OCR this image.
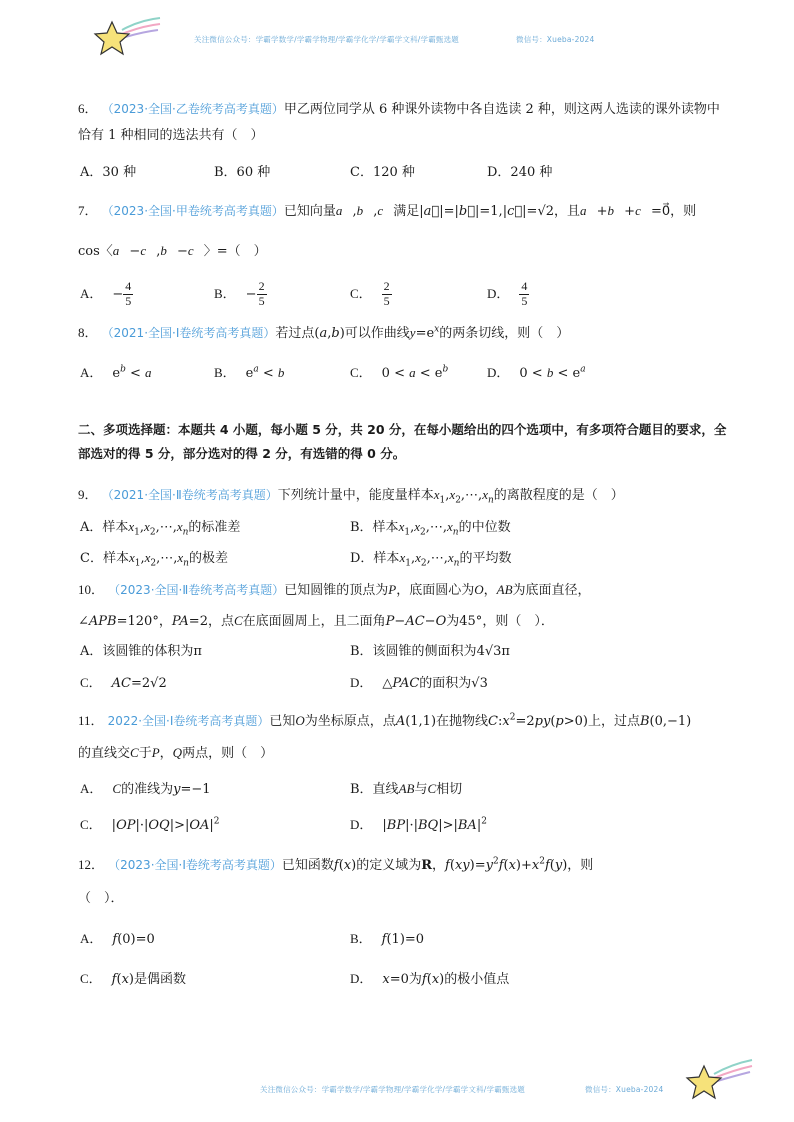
关注微信公众号：学霸学数学/学霸学物理/学霸学化学/学霸学文科/学霸甄选题	微信号：Xueba-2024
6． （2023·全国·乙卷统考高考真题）甲乙两位同学从 6 种课外读物中各自选读 2 种，则这两人选读的课外读物中恰有 1 种相同的选法共有（　）
A．30 种	B．60 种	C．120 种	D．240 种
7． （2023·全国·甲卷统考高考真题）已知向量a⃗,b⃗,c⃗满足|a⃗|=|b⃗|=1,|c⃗|=√2，且a⃗+b⃗+c⃗=0⃗，则
cos〈a⃗−c⃗,b⃗−c⃗〉=（　）
A． − $\frac{4}{5}$	B． − $\frac{2}{5}$	C． $\frac{2}{5}$	D． $\frac{4}{5}$
8． （2021·全国·Ⅰ卷统考高考真题）若过点(a,b)可以作曲线$y=e^x$的两条切线，则（　）
A． $e^b < a$	B． $e^a < b$	C． $0 < a < e^b$	D． $0 < b < e^a$
二、多项选择题：本题共 4 小题，每小题 5 分，共 20 分，在每小题给出的四个选项中，有多项符合题目的要求，全部选对的得 5 分，部分选对的得 2 分，有选错的得 0 分。
9． （2021·全国·Ⅱ卷统考高考真题）下列统计量中，能度量样本$x_1,x_2,\cdots,x_n$的离散程度的是（　）
A．样本$x_1,x_2,\cdots,x_n$的标准差	B．样本$x_1,x_2,\cdots,x_n$的中位数
C．样本$x_1,x_2,\cdots,x_n$的极差	D．样本$x_1,x_2,\cdots,x_n$的平均数
10． （2023·全国·Ⅱ卷统考高考真题）已知圆锥的顶点为P，底面圆心为O，AB为底面直径，
∠APB=120°，PA=2，点C在底面圆周上，且二面角P−AC−O为45°，则（　）．
A．该圆锥的体积为π	B．该圆锥的侧面积为4√3π
C． AC=2√2	D． △PAC的面积为√3
11． 2022·全国·Ⅰ卷统考高考真题）已知O为坐标原点，点A(1,1)在抛物线$C:x^2=2py(p>0)$上，过点B(0,−1)
的直线交C于P，Q两点，则（　）
A． C的准线为y=−1	B．直线AB与C相切
C． $|OP|\cdot|OQ|>|OA|^2$	D． $|BP|\cdot|BQ|>|BA|^2$
12． （2023·全国·Ⅰ卷统考高考真题）已知函数f(x)的定义域为R，$f(xy)=y^2f(x)+x^2f(y)$，则
（　）．
A． f(0)=0	B． f(1)=0
C． f(x)是偶函数	D． x=0为f(x)的极小值点
关注微信公众号：学霸学数学/学霸学物理/学霸学化学/学霸学文科/学霸甄选题	微信号：Xueba-2024
